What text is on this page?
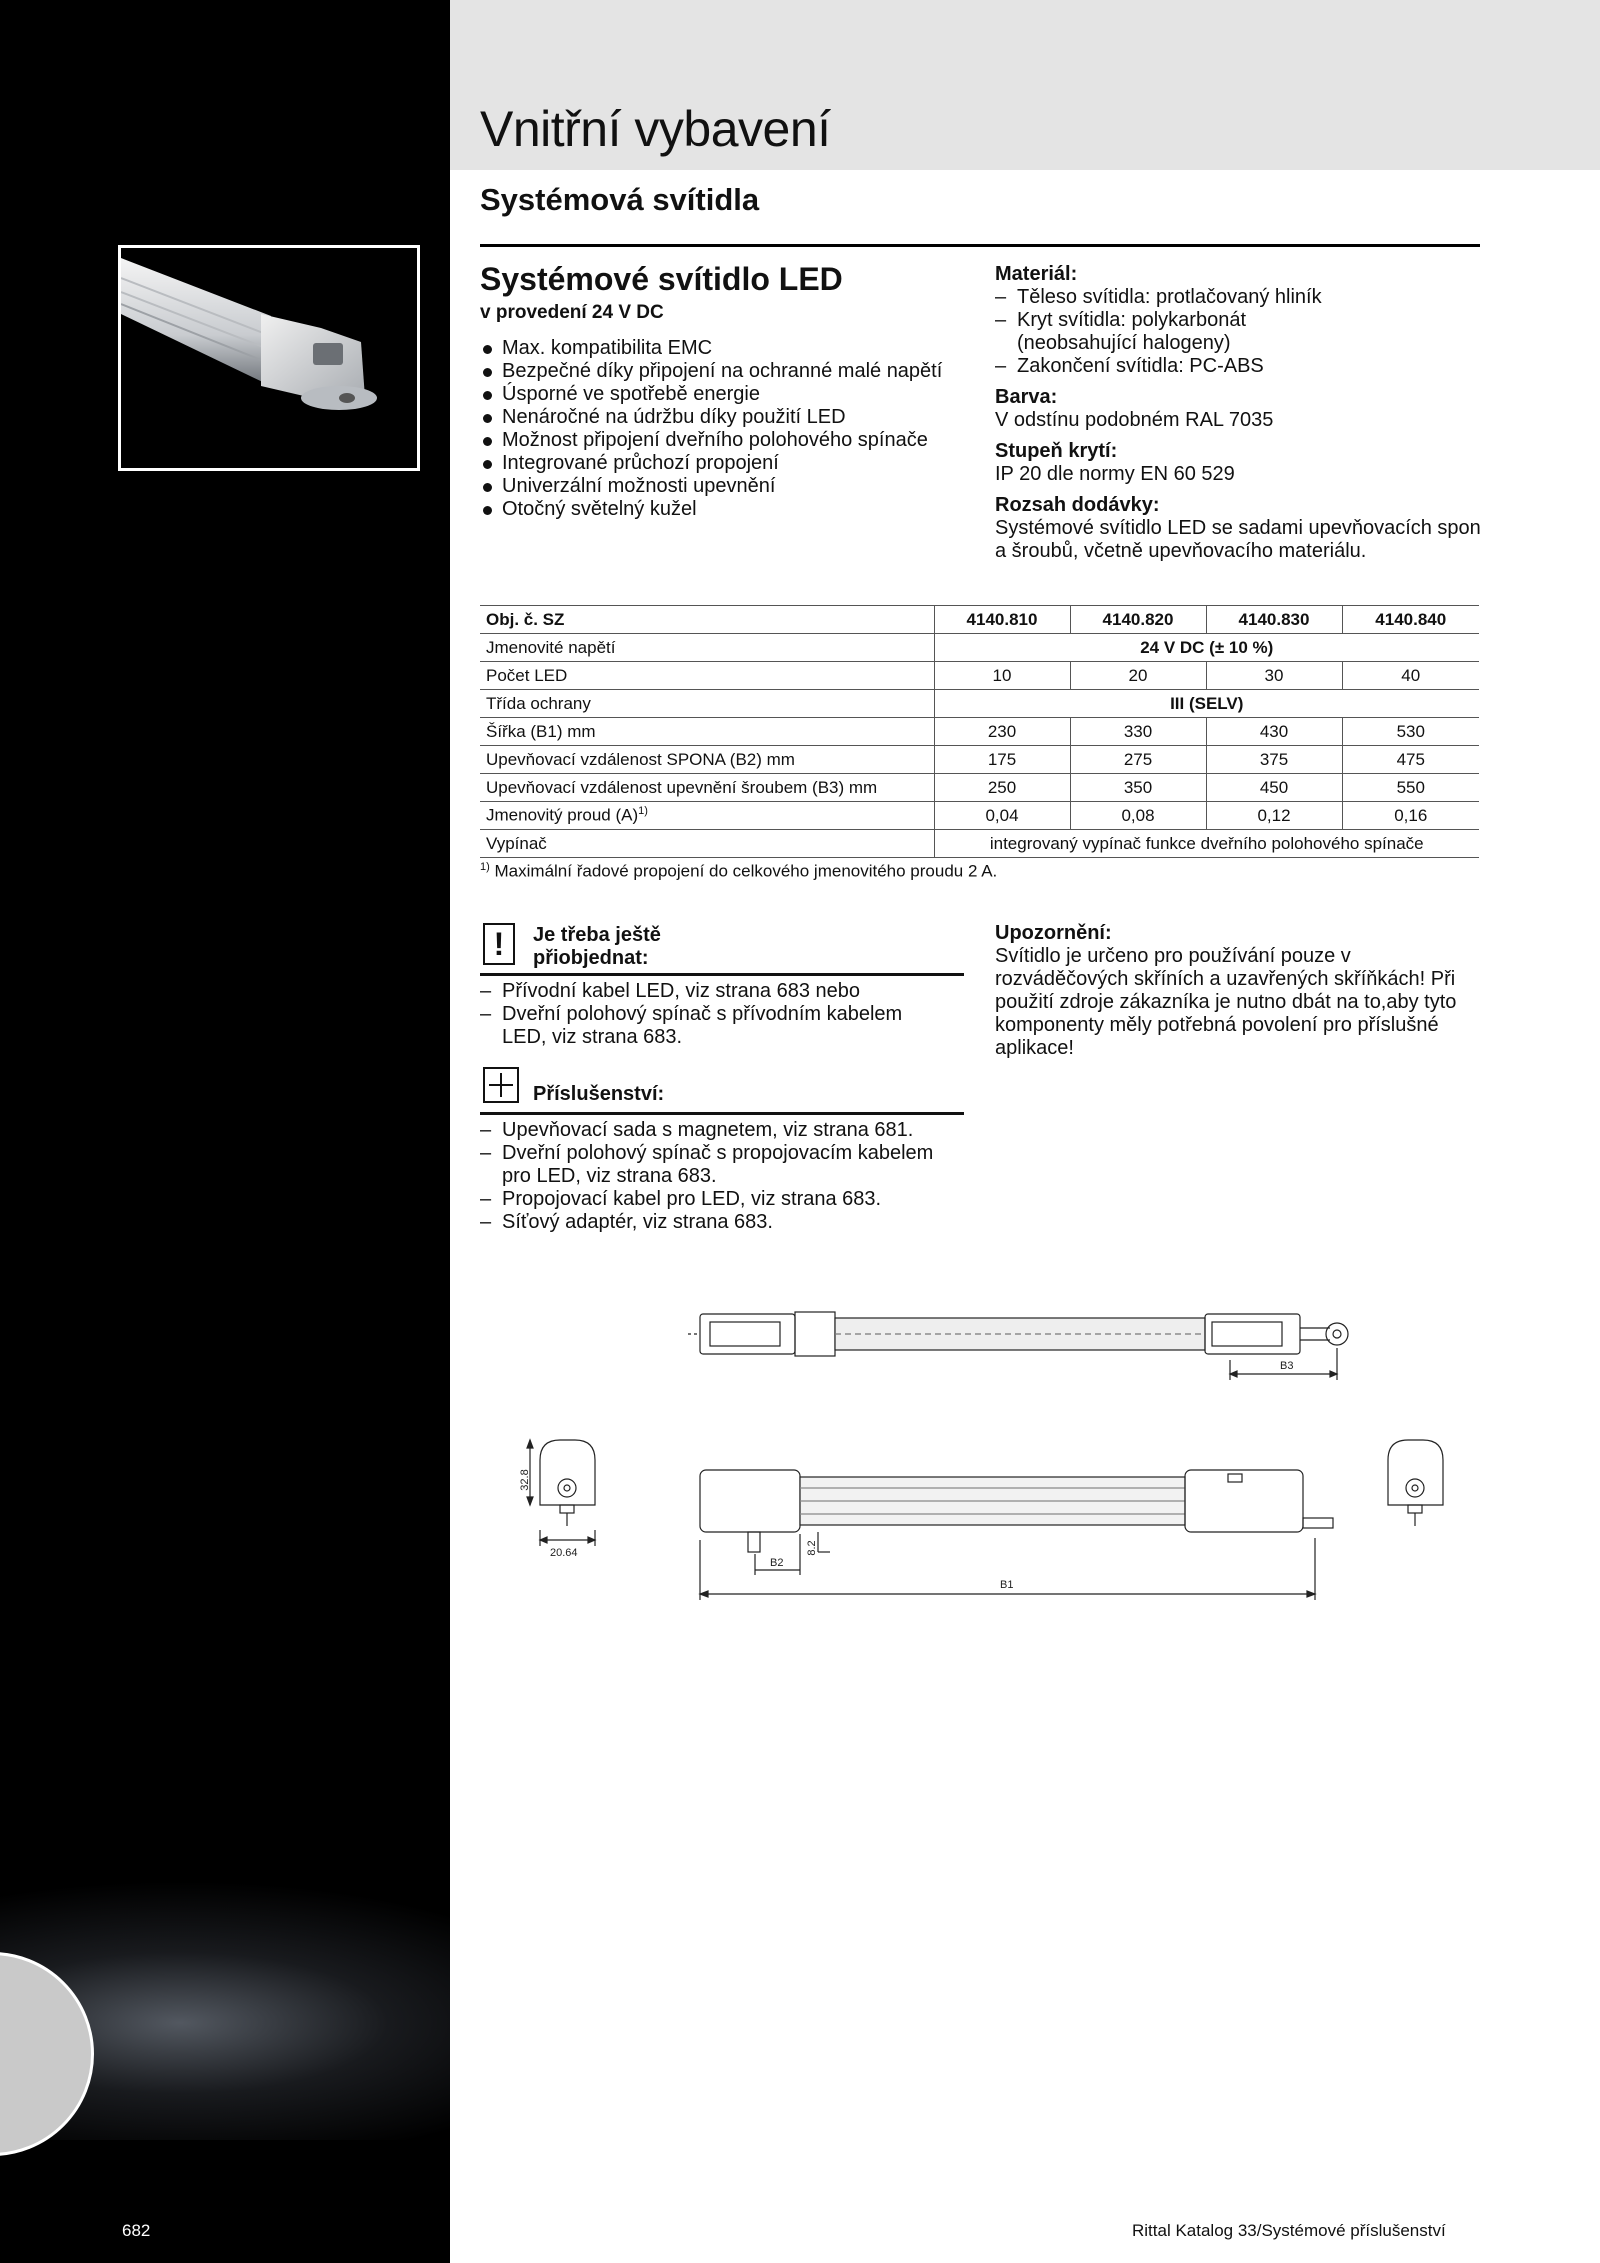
682
Vnitřní vybavení
Systémová svítidla
Systémové svítidlo LED
v provedení 24 V DC
Max. kompatibilita EMC
Bezpečné díky připojení na ochranné malé napětí
Úsporné ve spotřebě energie
Nenáročné na údržbu díky použití LED
Možnost připojení dveřního polohového spínače
Integrované průchozí propojení
Univerzální možnosti upevnění
Otočný světelný kužel
Materiál:
– Těleso svítidla: protlačovaný hliník
– Kryt svítidla: polykarbonát (neobsahující halogeny)
– Zakončení svítidla: PC-ABS
Barva:
V odstínu podobném RAL 7035
Stupeň krytí:
IP 20 dle normy EN 60 529
Rozsah dodávky:
Systémové svítidlo LED se sadami upevňovacích spon a šroubů, včetně upevňovacího materiálu.
Obj. č. SZ	4140.810	4140.820	4140.830	4140.840
Jmenovité napětí	24 V DC (± 10 %)			
Počet LED	10	20	30	40
Třída ochrany	III (SELV)			
Šířka (B1) mm	230	330	430	530
Upevňovací vzdálenost SPONA (B2) mm	175	275	375	475
Upevňovací vzdálenost upevnění šroubem (B3) mm	250	350	450	550
Jmenovitý proud $(A)^{1)}$	0,04	0,08	0,12	0,16
Vypínač	integrovaný vypínač funkce dveřního polohového spínače			
$^{1)}$ Maximální řadové propojení do celkového jmenovitého proudu 2 A.
!	Je třeba ještě
přiobjednat:
– Přívodní kabel LED, viz strana 683 nebo
– Dveřní polohový spínač s přívodním kabelem LED, viz strana 683.
Příslušenství:
– Upevňovací sada s magnetem, viz strana 681.
– Dveřní polohový spínač s propojovacím kabelem pro LED, viz strana 683.
– Propojovací kabel pro LED, viz strana 683.
– Síťový adaptér, viz strana 683.
Upozornění:
Svítidlo je určeno pro používání pouze v rozváděčových skříních a uzavřených skříňkách! Při použití zdroje zákazníka je nutno dbát na to,aby tyto komponenty měly potřebná povolení pro příslušné aplikace!
B3
B1
B2
32.8
20.64	8.2
Rittal Katalog 33/Systémové příslušenství
